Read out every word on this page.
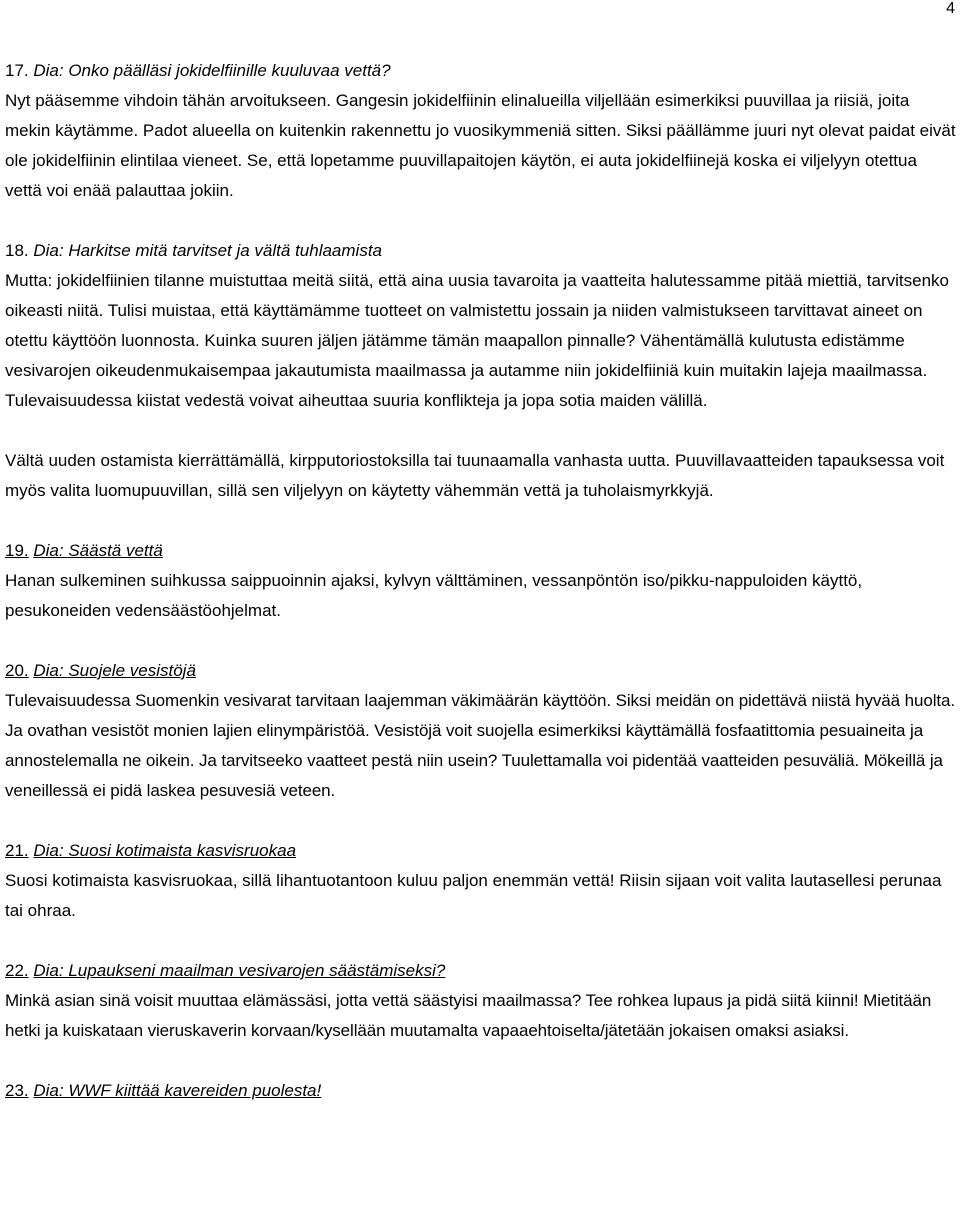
4
17. Dia: Onko päälläsi jokidelfiinille kuuluvaa vettä?

Nyt pääsemme vihdoin tähän arvoitukseen. Gangesin jokidelfiinin elinalueilla viljellään esimerkiksi puuvillaa ja riisiä, joita mekin käytämme. Padot alueella on kuitenkin rakennettu jo vuosikymmeniä sitten. Siksi päällämme juuri nyt olevat paidat eivät ole jokidelfiinin elintilaa vieneet. Se, että lopetamme puuvillapaitojen käytön, ei auta jokidelfiinejä koska ei viljelyyn otettua vettä voi enää palauttaa jokiin.

18. Dia: Harkitse mitä tarvitset ja vältä tuhlaamista

Mutta: jokidelfiinien tilanne muistuttaa meitä siitä, että aina uusia tavaroita ja vaatteita halutessamme pitää miettiä, tarvitsenko oikeasti niitä. Tulisi muistaa, että käyttämämme tuotteet on valmistettu jossain ja niiden valmistukseen tarvittavat aineet on otettu käyttöön luonnosta. Kuinka suuren jäljen jätämme tämän maapallon pinnalle? Vähentämällä kulutusta edistämme vesivarojen oikeudenmukaisempaa jakautumista maailmassa ja autamme niin jokidelfiiniä kuin muitakin lajeja maailmassa. Tulevaisuudessa kiistat vedestä voivat aiheuttaa suuria konflikteja ja jopa sotia maiden välillä.

Vältä uuden ostamista kierrättämällä, kirpputoriostoksilla tai tuunaamalla vanhasta uutta. Puuvillavaatteiden tapauksessa voit myös valita luomupuuvillan, sillä sen viljelyyn on käytetty vähemmän vettä ja tuholaismyrkkyjä.

19. Dia: Säästä vettä

Hanan sulkeminen suihkussa saippuoinnin ajaksi, kylvyn välttäminen, vessanpöntön iso/pikku-nappuloiden käyttö, pesukoneiden vedensäästöohjelmat.

20. Dia: Suojele vesistöjä

Tulevaisuudessa Suomenkin vesivarat tarvitaan laajemman väkimäärän käyttöön. Siksi meidän on pidettävä niistä hyvää huolta. Ja ovathan vesistöt monien lajien elinympäristöä. Vesistöjä voit suojella esimerkiksi käyttämällä fosfaatittomia pesuaineita ja annostelemalla ne oikein. Ja tarvitseeko vaatteet pestä niin usein? Tuulettamalla voi pidentää vaatteiden pesuväliä. Mökeillä ja veneillessä ei pidä laskea pesuvesiä veteen.

21. Dia: Suosi kotimaista kasvisruokaa

Suosi kotimaista kasvisruokaa, sillä lihantuotantoon kuluu paljon enemmän vettä! Riisin sijaan voit valita lautasellesi perunaa tai ohraa.

22. Dia: Lupaukseni maailman vesivarojen säästämiseksi?

Minkä asian sinä voisit muuttaa elämässäsi, jotta vettä säästyisi maailmassa? Tee rohkea lupaus ja pidä siitä kiinni! Mietitään hetki ja kuiskataan vieruskaverin korvaan/kysellään muutamalta vapaaehtoiselta/jätetään jokaisen omaksi asiaksi.

23. Dia: WWF kiittää kavereiden puolesta!
